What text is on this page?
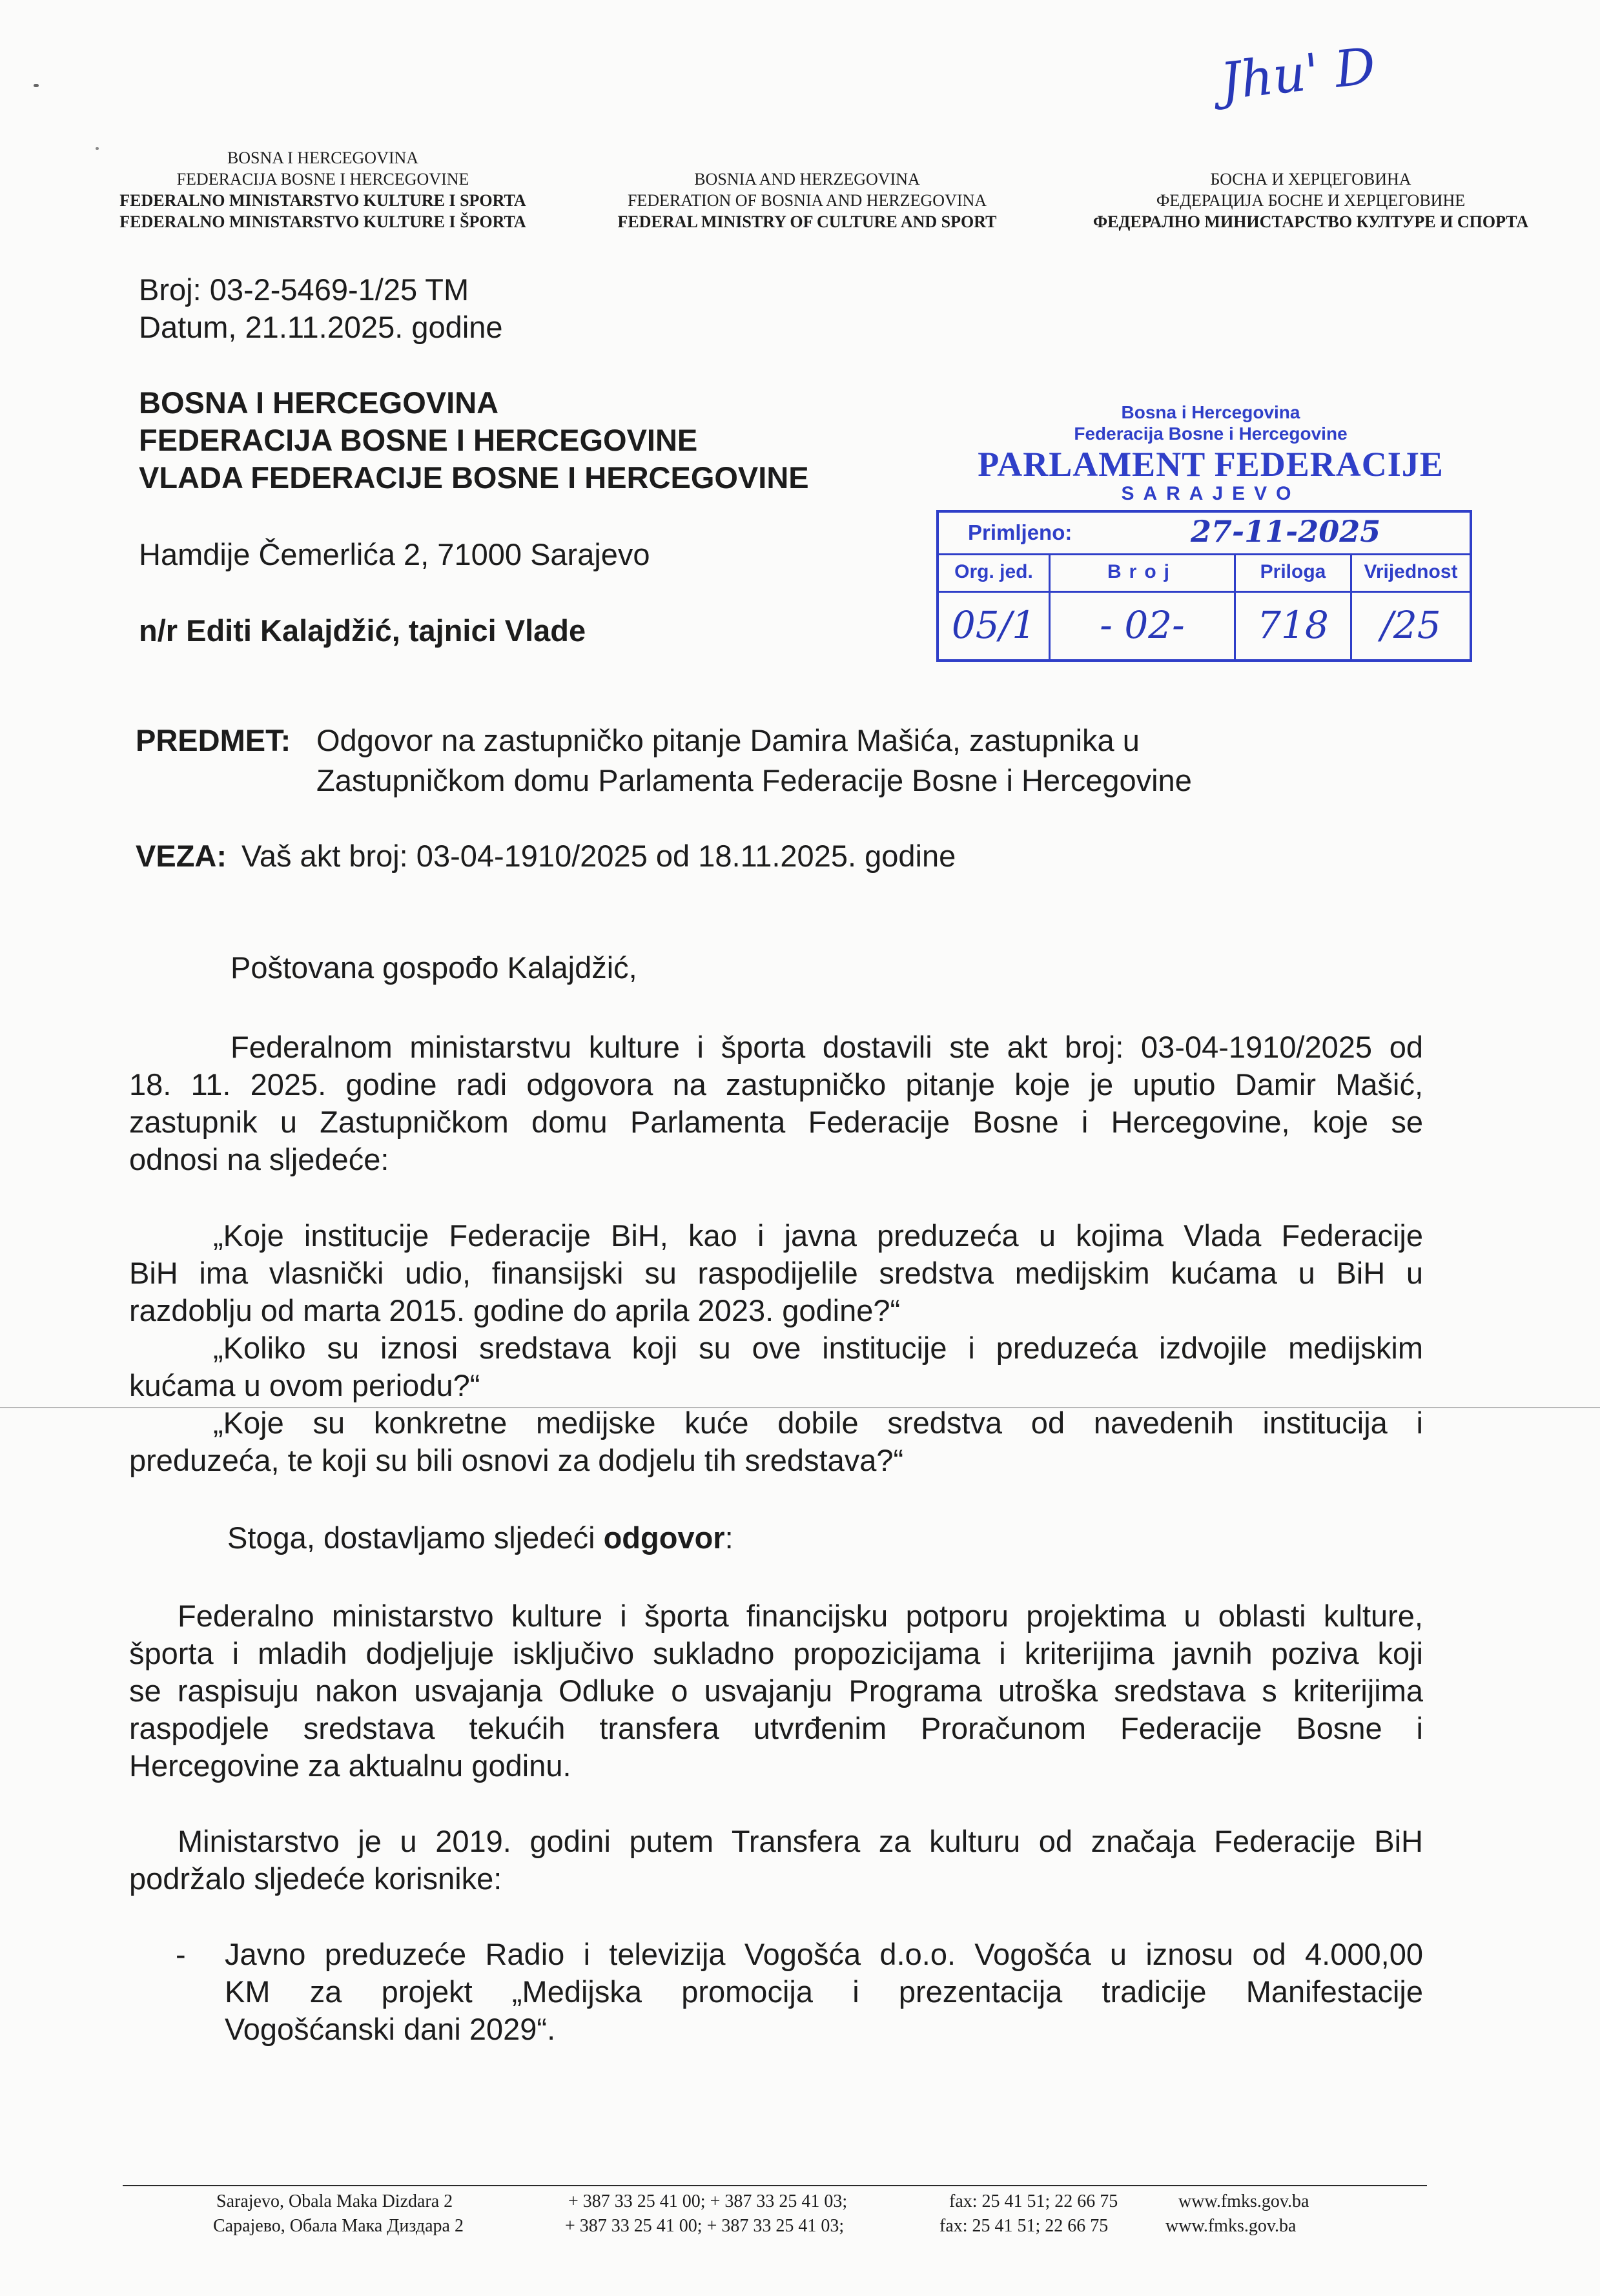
Jhu' D
BOSNA I HERCEGOVINA
FEDERACIJA BOSNE I HERCEGOVINE
FEDERALNO MINISTARSTVO KULTURE I SPORTA
FEDERALNO MINISTARSTVO KULTURE I ŠPORTA
BOSNIA AND HERZEGOVINA
FEDERATION OF BOSNIA AND HERZEGOVINA
FEDERAL MINISTRY OF CULTURE AND SPORT
БОСНА И ХЕРЦЕГОВИНА
ФЕДЕРАЦИЈА БОСНЕ И ХЕРЦЕГОВИНЕ
ФЕДЕРАЛНО МИНИСТАРСТВО КУЛТУРЕ И СПОРТА
Broj: 03-2-5469-1/25 TM
Datum, 21.11.2025. godine
BOSNA I HERCEGOVINA
FEDERACIJA BOSNE I HERCEGOVINE
VLADA FEDERACIJE BOSNE I HERCEGOVINE
Hamdije Čemerlića 2, 71000 Sarajevo
n/r Editi Kalajdžić, tajnici Vlade
Bosna i Hercegovina
Federacija Bosne i Hercegovine
PARLAMENT FEDERACIJE
SARAJEVO
Primljeno:	27-11-2025
Org. jed.	Broj	Priloga	Vrijednost
05/1	- 02-	718	/25
PREDMET: Odgovor na zastupničko pitanje Damira Mašića, zastupnika u
Zastupničkom domu Parlamenta Federacije Bosne i Hercegovine
VEZA: Vaš akt broj: 03-04-1910/2025 od 18.11.2025. godine
Poštovana gospođo Kalajdžić,
Federalnom ministarstvu kulture i športa dostavili ste akt broj: 03-04-1910/2025 od
18. 11. 2025. godine radi odgovora na zastupničko pitanje koje je uputio Damir Mašić,
zastupnik u Zastupničkom domu Parlamenta Federacije Bosne i Hercegovine, koje se
odnosi na sljedeće:
„Koje institucije Federacije BiH, kao i javna preduzeća u kojima Vlada Federacije
BiH ima vlasnički udio, finansijski su raspodijelile sredstva medijskim kućama u BiH u
razdoblju od marta 2015. godine do aprila 2023. godine?“
„Koliko su iznosi sredstava koji su ove institucije i preduzeća izdvojile medijskim
kućama u ovom periodu?“
„Koje su konkretne medijske kuće dobile sredstva od navedenih institucija i
preduzeća, te koji su bili osnovi za dodjelu tih sredstava?“
Stoga, dostavljamo sljedeći odgovor:
Federalno ministarstvo kulture i športa financijsku potporu projektima u oblasti kulture,
športa i mladih dodjeljuje isključivo sukladno propozicijama i kriterijima javnih poziva koji
se raspisuju nakon usvajanja Odluke o usvajanju Programa utroška sredstava s kriterijima
raspodjele sredstava tekućih transfera utvrđenim Proračunom Federacije Bosne i
Hercegovine za aktualnu godinu.
Ministarstvo je u 2019. godini putem Transfera za kulturu od značaja Federacije BiH
podržalo sljedeće korisnike:
- Javno preduzeće Radio i televizija Vogošća d.o.o. Vogošća u iznosu od 4.000,00
KM za projekt „Medijska promocija i prezentacija tradicije Manifestacije
Vogošćanski dani 2029“.
Sarajevo, Obala Maka Dizdara 2
Сарајево, Обала Мака Диздара 2
+ 387 33 25 41 00; + 387 33 25 41 03;
+ 387 33 25 41 00; + 387 33 25 41 03;
fax: 25 41 51; 22 66 75
fax: 25 41 51; 22 66 75
www.fmks.gov.ba
www.fmks.gov.ba
